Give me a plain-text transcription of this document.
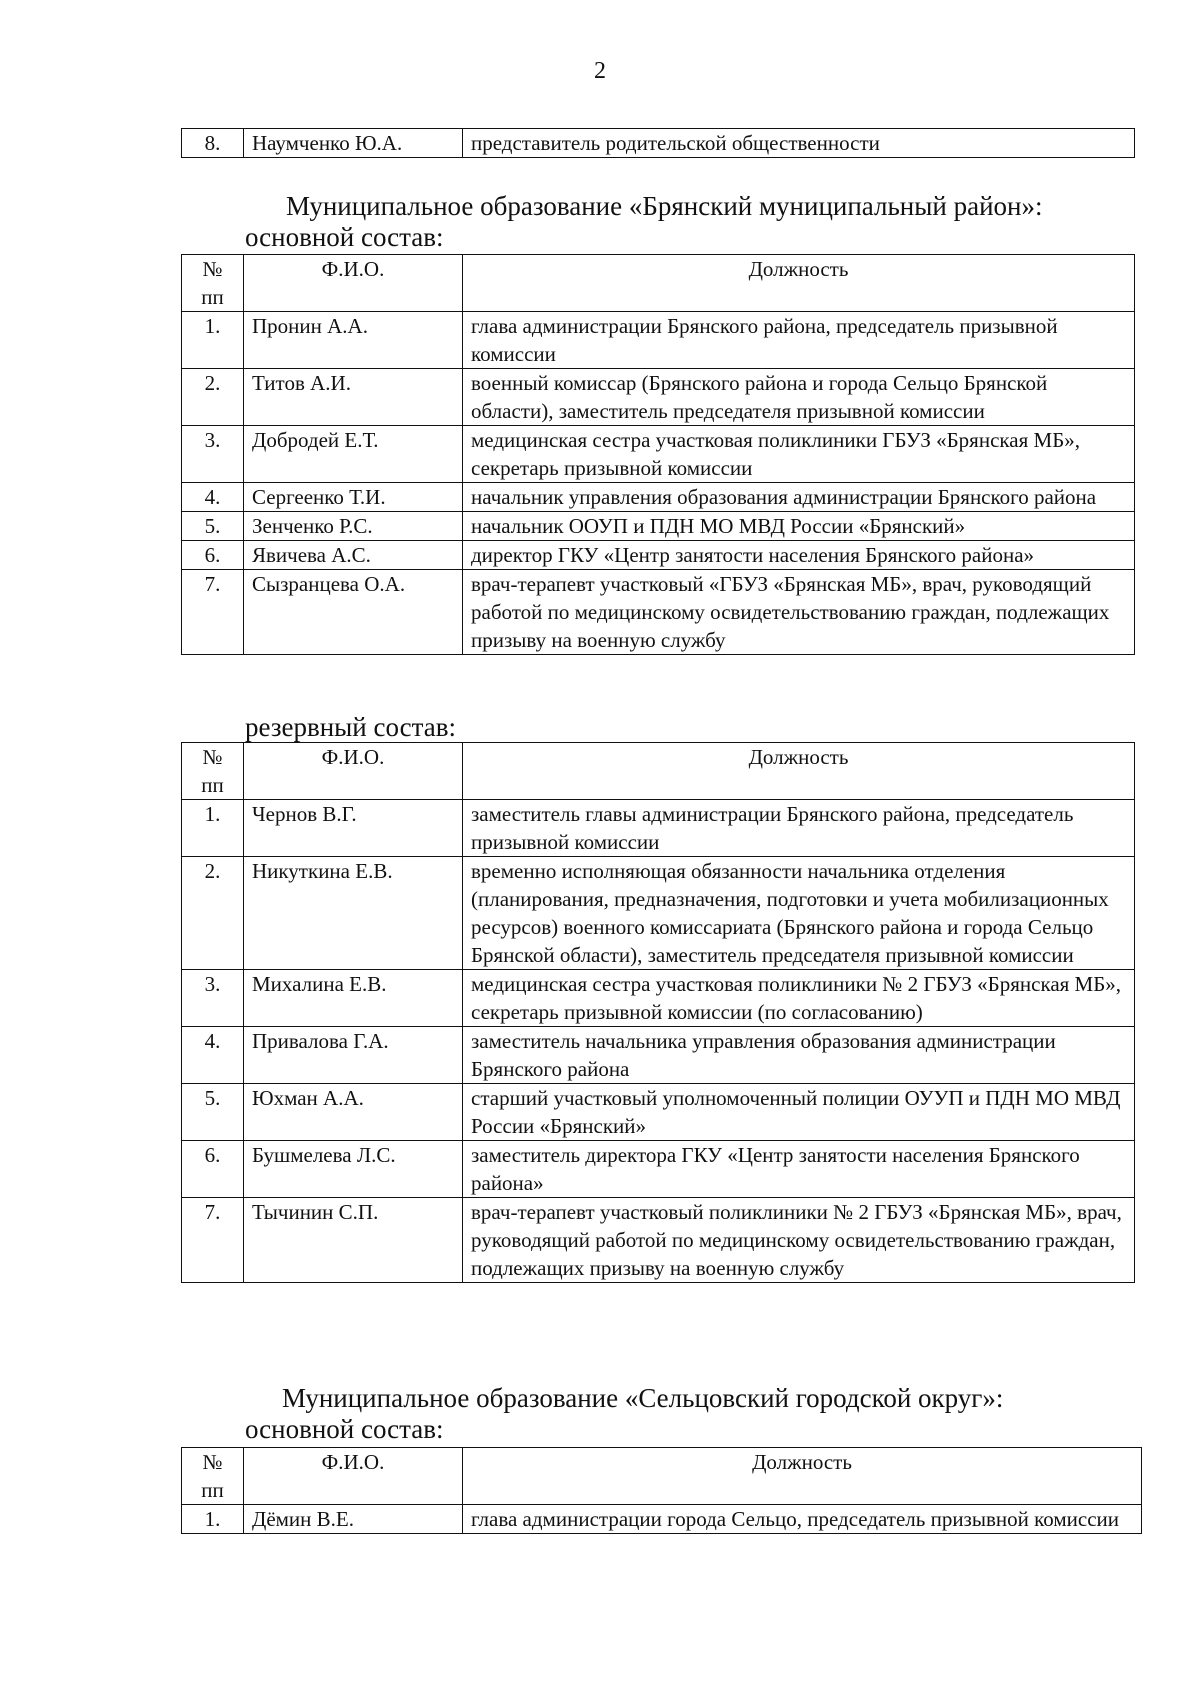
2
8.	Наумченко Ю.А.	представитель родительской общественности
Муниципальное образование «Брянский муниципальный район»:
основной состав:
№ пп	Ф.И.О.	Должность
1.	Пронин А.А.	глава администрации Брянского района, председатель призывной комиссии
2.	Титов А.И.	военный комиссар (Брянского района и города Сельцо Брянской области), заместитель председателя призывной комиссии
3.	Добродей Е.Т.	медицинская сестра участковая поликлиники ГБУЗ «Брянская МБ», секретарь призывной комиссии
4.	Сергеенко Т.И.	начальник управления образования администрации Брянского района
5.	Зенченко Р.С.	начальник ООУП и ПДН МО МВД России «Брянский»
6.	Явичева А.С.	директор ГКУ «Центр занятости населения Брянского района»
7.	Сызранцева О.А.	врач-терапевт участковый «ГБУЗ «Брянская МБ», врач, руководящий работой по медицинскому освидетельствованию граждан, подлежащих призыву на военную службу
резервный состав:
№ пп	Ф.И.О.	Должность
1.	Чернов В.Г.	заместитель главы администрации Брянского района, председатель призывной комиссии
2.	Никуткина Е.В.	временно исполняющая обязанности начальника отделения (планирования, предназначения, подготовки и учета мобилизационных ресурсов) военного комиссариата (Брянского района и города Сельцо Брянской области), заместитель председателя призывной комиссии
3.	Михалина Е.В.	медицинская сестра участковая поликлиники № 2 ГБУЗ «Брянская МБ», секретарь призывной комиссии (по согласованию)
4.	Привалова Г.А.	заместитель начальника управления образования администрации Брянского района
5.	Юхман А.А.	старший участковый уполномоченный полиции ОУУП и ПДН МО МВД России «Брянский»
6.	Бушмелева Л.С.	заместитель директора ГКУ «Центр занятости населения Брянского района»
7.	Тычинин С.П.	врач-терапевт участковый поликлиники № 2 ГБУЗ «Брянская МБ», врач, руководящий работой по медицинскому освидетельствованию граждан, подлежащих призыву на военную службу
Муниципальное образование «Сельцовский городской округ»:
основной состав:
№ пп	Ф.И.О.	Должность
1.	Дёмин В.Е.	глава администрации города Сельцо, председатель призывной комиссии
